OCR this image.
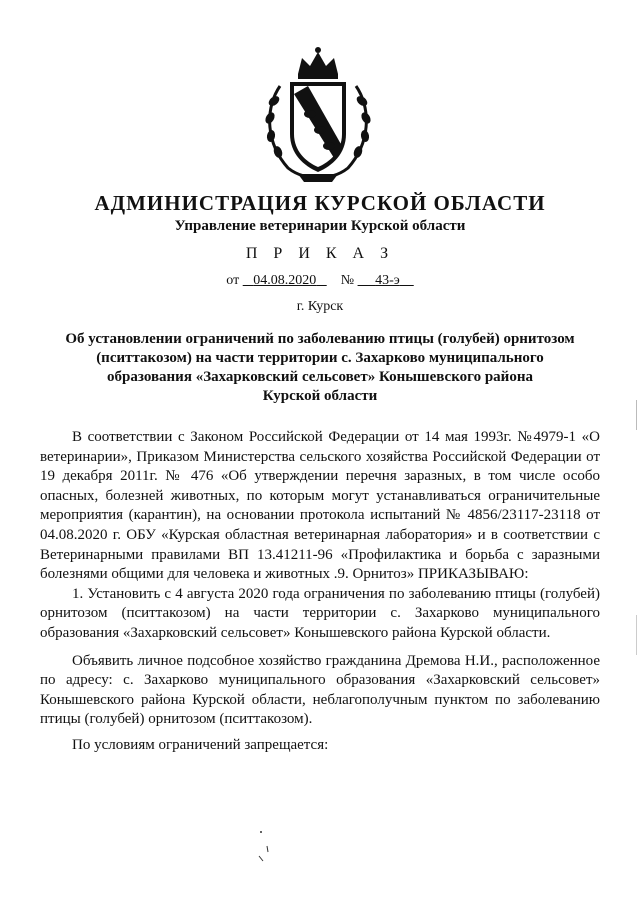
АДМИНИСТРАЦИЯ КУРСКОЙ ОБЛАСТИ
Управление ветеринарии Курской области
П Р И К А З
от 04.08.2020 № 43-э
г. Курск
Об установлении ограничений по заболеванию птицы (голубей) орнитозом
(пситтакозом) на части территории с. Захарково муниципального
образования «Захарковский сельсовет» Конышевского района
Курской области

В соответствии с Законом Российской Федерации от 14 мая 1993г. №4979-1 «О ветеринарии», Приказом Министерства сельского хозяйства Российской Федерации от 19 декабря 2011г. № 476 «Об утверждении перечня заразных, в том числе особо опасных, болезней животных, по которым могут устанавливаться ограничительные мероприятия (карантин), на основании протокола испытаний № 4856/23117-23118 от 04.08.2020 г. ОБУ «Курская областная ветеринарная лаборатория» и в соответствии с Ветеринарными правилами ВП 13.41211-96 «Профилактика и борьба с заразными болезнями общими для человека и животных .9. Орнитоз» ПРИКАЗЫВАЮ:

1. Установить с 4 августа 2020 года ограничения по заболеванию птицы (голубей) орнитозом (пситтакозом) на части территории с. Захарково муниципального образования «Захарковский сельсовет» Конышевского района Курской области.

Объявить личное подсобное хозяйство гражданина Дремова Н.И., расположенное по адресу: с. Захарково муниципального образования «Захарковский сельсовет» Конышевского района Курской области, неблагополучным пунктом по заболеванию птицы (голубей) орнитозом (пситтакозом).

По условиям ограничений запрещается:
